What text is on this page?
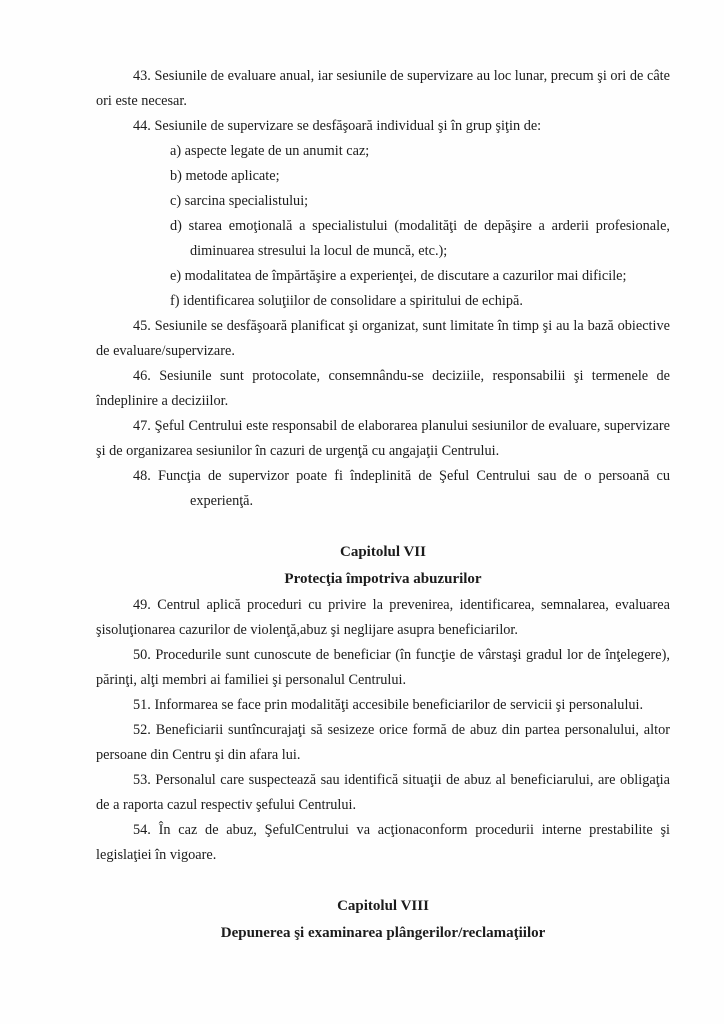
43. Sesiunile de evaluare anual, iar sesiunile de supervizare au loc lunar, precum şi ori de câte
ori este necesar.
44. Sesiunile de supervizare se desfăşoară individual şi în grup şiţin de:
a) aspecte legate de un anumit caz;
b) metode aplicate;
c) sarcina specialistului;
d) starea emoţională a specialistului (modalităţi de depăşire a arderii profesionale,
diminuarea stresului la locul de muncă, etc.);
e) modalitatea de împărtăşire a experienţei, de discutare a cazurilor mai dificile;
f) identificarea soluţiilor de consolidare a spiritului de echipă.
45. Sesiunile se desfăşoară planificat şi organizat, sunt limitate în timp şi au la bază obiective
de evaluare/supervizare.
46. Sesiunile sunt protocolate, consemnându-se deciziile, responsabilii şi termenele de
îndeplinire a deciziilor.
47. Şeful Centrului este responsabil de elaborarea planului sesiunilor de evaluare, supervizare
şi de organizarea sesiunilor în cazuri de urgenţă cu angajaţii Centrului.
48. Funcţia de supervizor poate fi îndeplinită de Şeful Centrului sau de o persoană cu
experienţă.
Capitolul VII
Protecţia împotriva abuzurilor
49. Centrul aplică proceduri cu privire la prevenirea, identificarea, semnalarea, evaluarea
şisoluţionarea cazurilor de violenţă,abuz şi neglijare asupra beneficiarilor.
50. Procedurile sunt cunoscute de beneficiar (în funcţie de vârstaşi gradul lor de înţelegere),
părinţi, alţi membri ai familiei şi personalul Centrului.
51. Informarea se face prin modalităţi accesibile beneficiarilor de servicii şi personalului.
52. Beneficiarii suntîncurajaţi să sesizeze orice formă de abuz din partea personalului, altor
persoane din Centru şi din afara lui.
53. Personalul care suspectează sau identifică situaţii de abuz al beneficiarului, are obligaţia
de a raporta cazul respectiv şefului Centrului.
54. În caz de abuz, ŞefulCentrului va acţionaconform procedurii interne prestabilite şi
legislaţiei în vigoare.
Capitolul VIII
Depunerea şi examinarea plângerilor/reclamaţiilor
